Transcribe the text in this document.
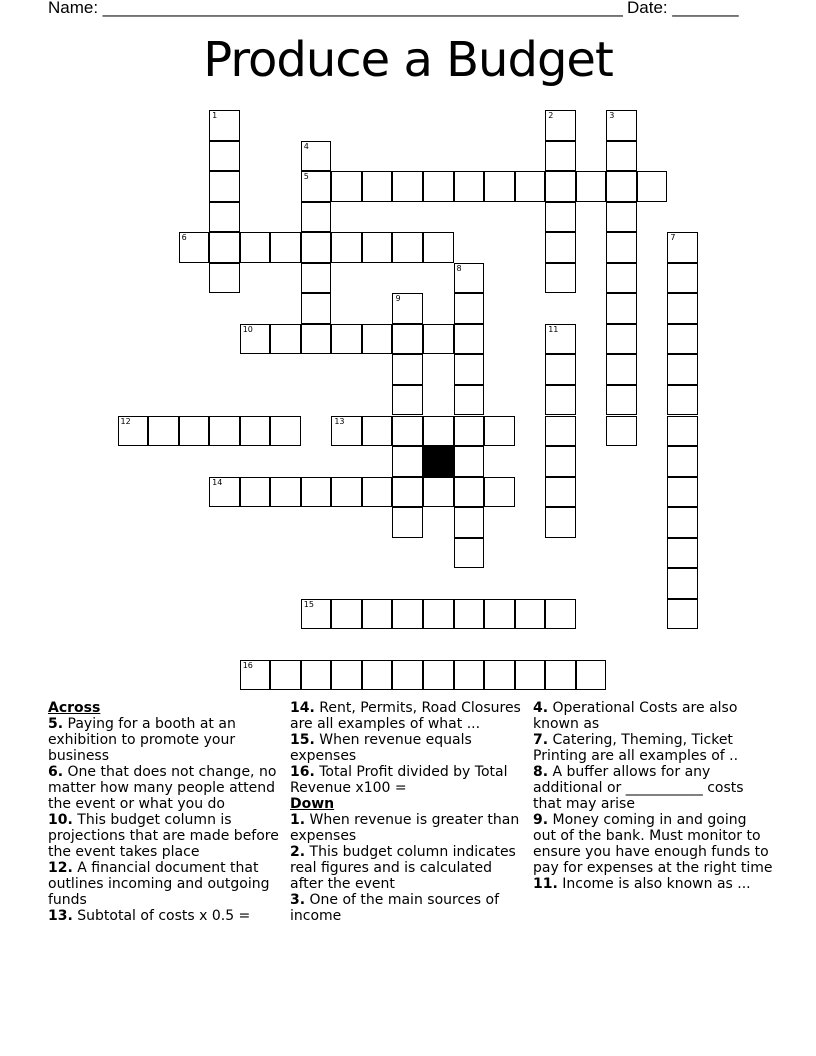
Name: _______________________________________________________ Date: _______
Produce a Budget
1	2	3
4
5
6	7
8
9
10	11
12	13
14
15
16
Across
5. Paying for a booth at an exhibition to promote your business
6. One that does not change, no matter how many people attend the event or what you do
10. This budget column is projections that are made before the event takes place
12. A financial document that outlines incoming and outgoing funds
13. Subtotal of costs x 0.5 =
14. Rent, Permits, Road Closures are all examples of what ...
15. When revenue equals expenses
16. Total Profit divided by Total Revenue x100 =
Down
1. When revenue is greater than expenses
2. This budget column indicates real figures and is calculated after the event
3. One of the main sources of income
4. Operational Costs are also known as
7. Catering, Theming, Ticket Printing are all examples of ..
8. A buffer allows for any additional or ___________ costs that may arise
9. Money coming in and going out of the bank. Must monitor to ensure you have enough funds to pay for expenses at the right time
11. Income is also known as ...
